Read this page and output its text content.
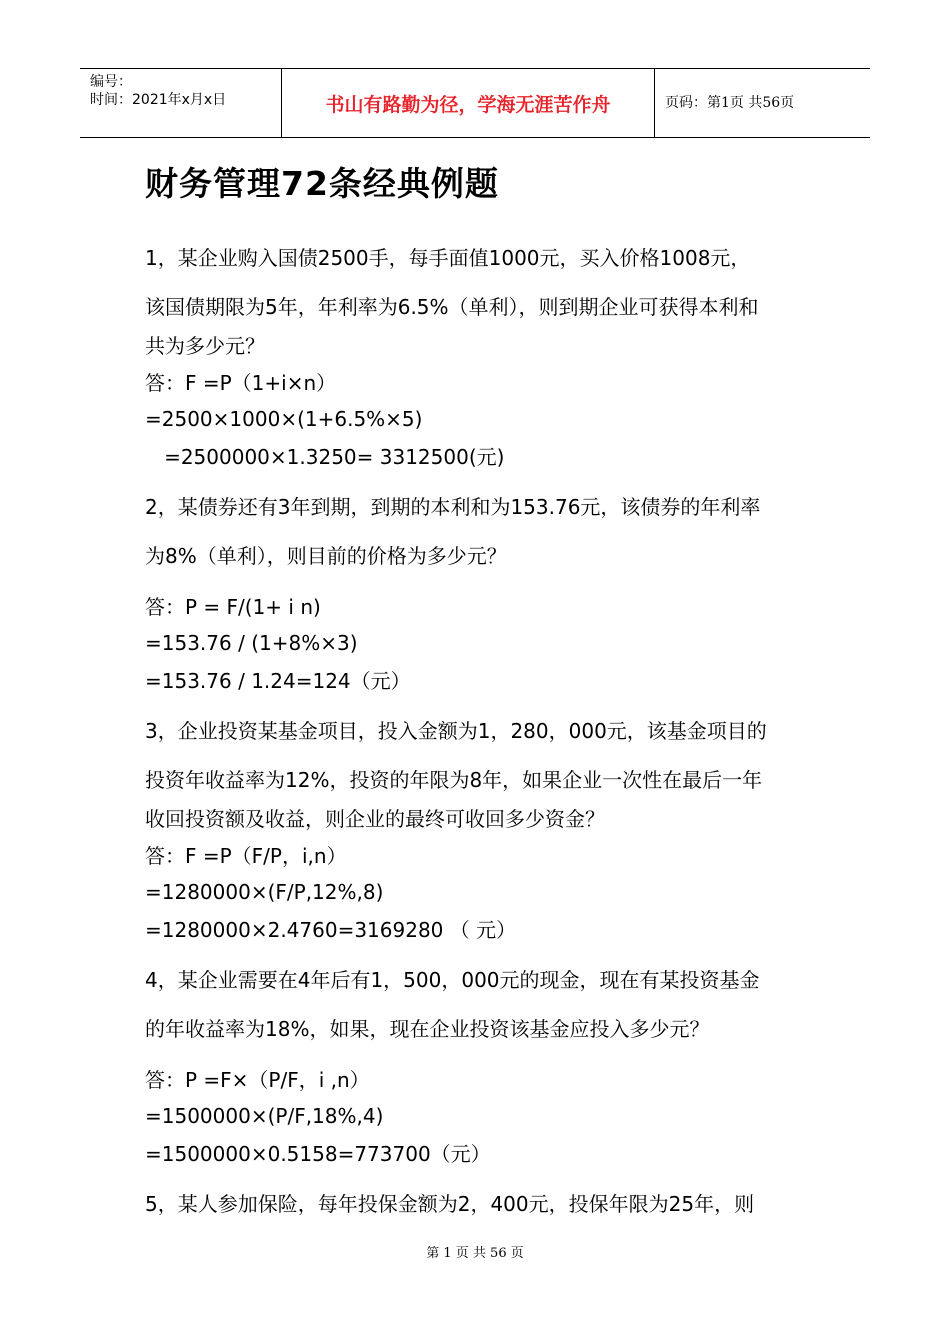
编号：
时间：2021年x月x日	书山有路勤为径，学海无涯苦作舟	页码：第1页 共56页
财务管理72条经典例题
1，某企业购入国债2500手，每手面值1000元，买入价格1008元，
该国债期限为5年，年利率为6.5%（单利），则到期企业可获得本利和
共为多少元？
答：F =P（1+i×n）
=2500×1000×(1+6.5%×5)
=2500000×1.3250= 3312500(元)
2，某债券还有3年到期，到期的本利和为153.76元，该债券的年利率
为8%（单利），则目前的价格为多少元？
答：P = F/(1+ i n)
=153.76 / (1+8%×3)
=153.76 / 1.24=124（元）
3，企业投资某基金项目，投入金额为1，280，000元，该基金项目的
投资年收益率为12%，投资的年限为8年，如果企业一次性在最后一年
收回投资额及收益，则企业的最终可收回多少资金？
答：F =P（F/P，i,n）
=1280000×(F/P,12%,8)
=1280000×2.4760=3169280 （ 元）
4，某企业需要在4年后有1，500，000元的现金，现在有某投资基金
的年收益率为18%，如果，现在企业投资该基金应投入多少元？
答：P =F×（P/F，i ,n）
=1500000×(P/F,18%,4)
=1500000×0.5158=773700（元）
5，某人参加保险，每年投保金额为2，400元，投保年限为25年，则
第 1 页 共 56 页
